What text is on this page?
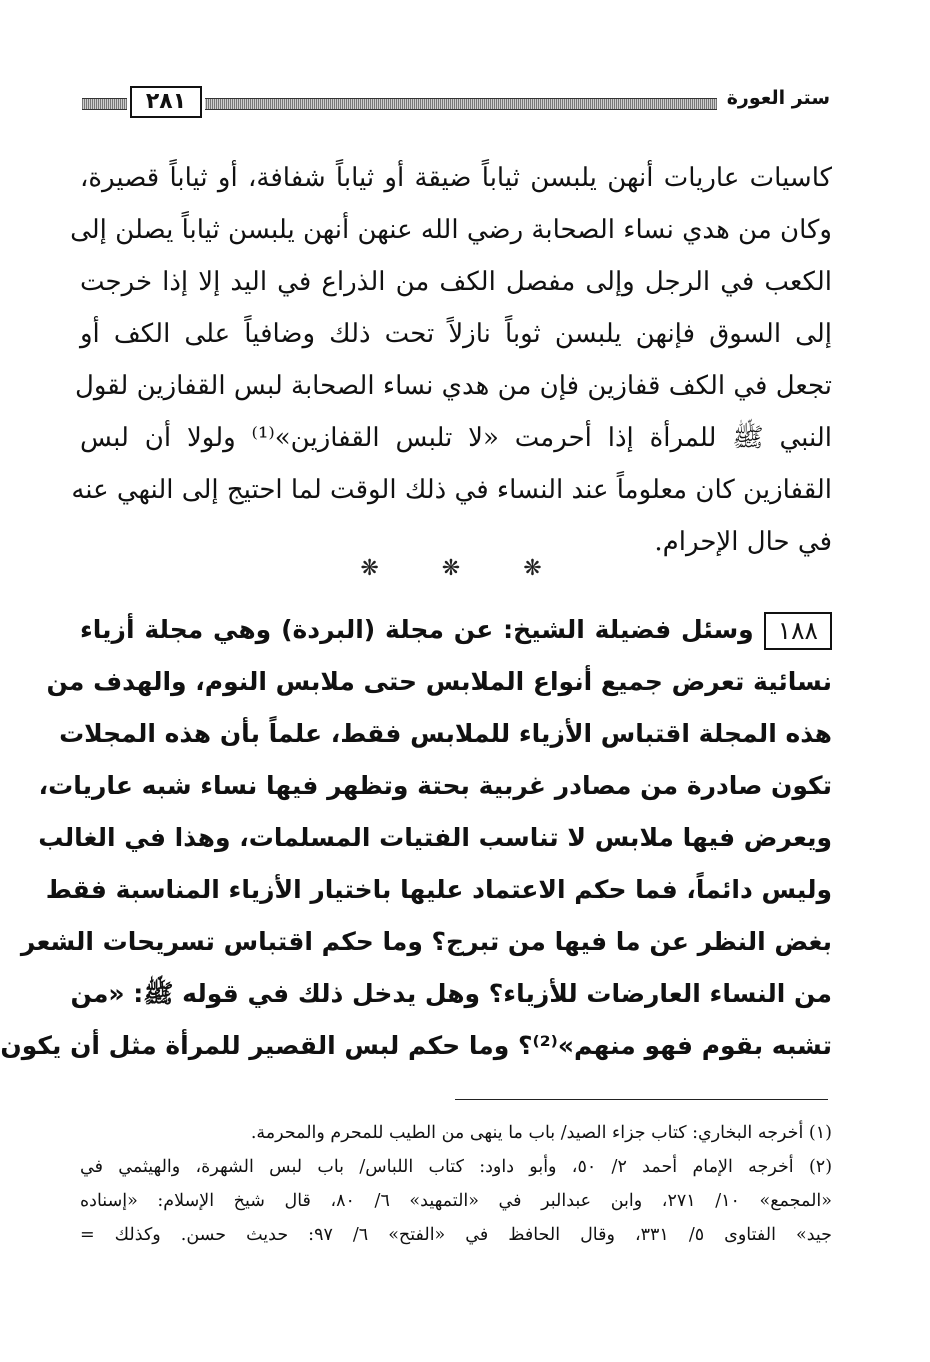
٢٨١	ستر العورة
كاسيات عاريات أنهن يلبسن ثياباً ضيقة أو ثياباً شفافة، أو ثياباً قصيرة،
وكان من هدي نساء الصحابة رضي الله عنهن أنهن يلبسن ثياباً يصلن إلى
الكعب في الرجل وإلى مفصل الكف من الذراع في اليد إلا إذا خرجت
إلى السوق فإنهن يلبسن ثوباً نازلاً تحت ذلك وضافياً على الكف أو
تجعل في الكف قفازين فإن من هدي نساء الصحابة لبس القفازين لقول
النبي ﷺ للمرأة إذا أحرمت «لا تلبس القفازين»⁽¹⁾ ولولا أن لبس
القفازين كان معلوماً عند النساء في ذلك الوقت لما احتيج إلى النهي عنه
في حال الإحرام.
❋ ❋ ❋
١٨٨وسئل فضيلة الشيخ: عن مجلة (البردة) وهي مجلة أزياء
نسائية تعرض جميع أنواع الملابس حتى ملابس النوم، والهدف من
هذه المجلة اقتباس الأزياء للملابس فقط، علماً بأن هذه المجلات
تكون صادرة من مصادر غربية بحتة وتظهر فيها نساء شبه عاريات،
ويعرض فيها ملابس لا تناسب الفتيات المسلمات، وهذا في الغالب
وليس دائماً، فما حكم الاعتماد عليها باختيار الأزياء المناسبة فقط
بغض النظر عن ما فيها من تبرج؟ وما حكم اقتباس تسريحات الشعر
من النساء العارضات للأزياء؟ وهل يدخل ذلك في قوله ﷺ: «من
تشبه بقوم فهو منهم»⁽²⁾؟ وما حكم لبس القصير للمرأة مثل أن يكون
(١) أخرجه البخاري: كتاب جزاء الصيد/ باب ما ينهى من الطيب للمحرم والمحرمة.
(٢) أخرجه الإمام أحمد ٢/ ٥٠، وأبو داود: كتاب اللباس/ باب لبس الشهرة، والهيثمي في
«المجمع» ١٠/ ٢٧١، وابن عبدالبر في «التمهيد» ٦/ ٨٠، قال شيخ الإسلام: «إسناده
جيد» الفتاوى ٥/ ٣٣١، وقال الحافظ في «الفتح» ٦/ ٩٧: حديث حسن. وكذلك =
